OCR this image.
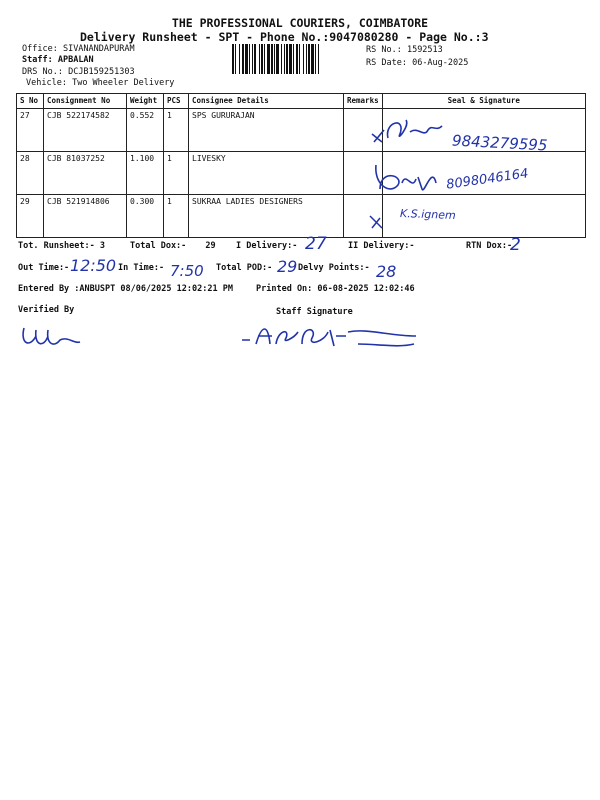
THE PROFESSIONAL COURIERS, COIMBATORE
Delivery Runsheet - SPT - Phone No.:9047080280 - Page No.:3
Office: SIVANANDAPURAM
Staff: APBALAN
DRS No.: DCJB159251303
Vehicle: Two Wheeler Delivery
RS No.: 1592513
RS Date: 06-Aug-2025
S No	Consignment No	Weight	PCS	Consignee Details	Remarks	Seal & Signature
27	CJB 522174582	0.552	1	SPS GURURAJAN		
28	CJB 81037252	1.100	1	LIVESKY		
29	CJB 521914806	0.300	1	SUKRAA LADIES DESIGNERS		
9843279595
8098046164
K.S.ignem
Tot. Runsheet:- 3	Total Dox:- 29 I Delivery:- 27	II Delivery:-	RTN Dox:-
2
Out Time:- 12:50 In Time:- 7:50 Total POD:- 29 Delvy Points:- 28
Entered By :ANBUSPT 08/06/2025 12:02:21 PM	Printed On: 06-08-2025 12:02:46
Verified By	Staff Signature
